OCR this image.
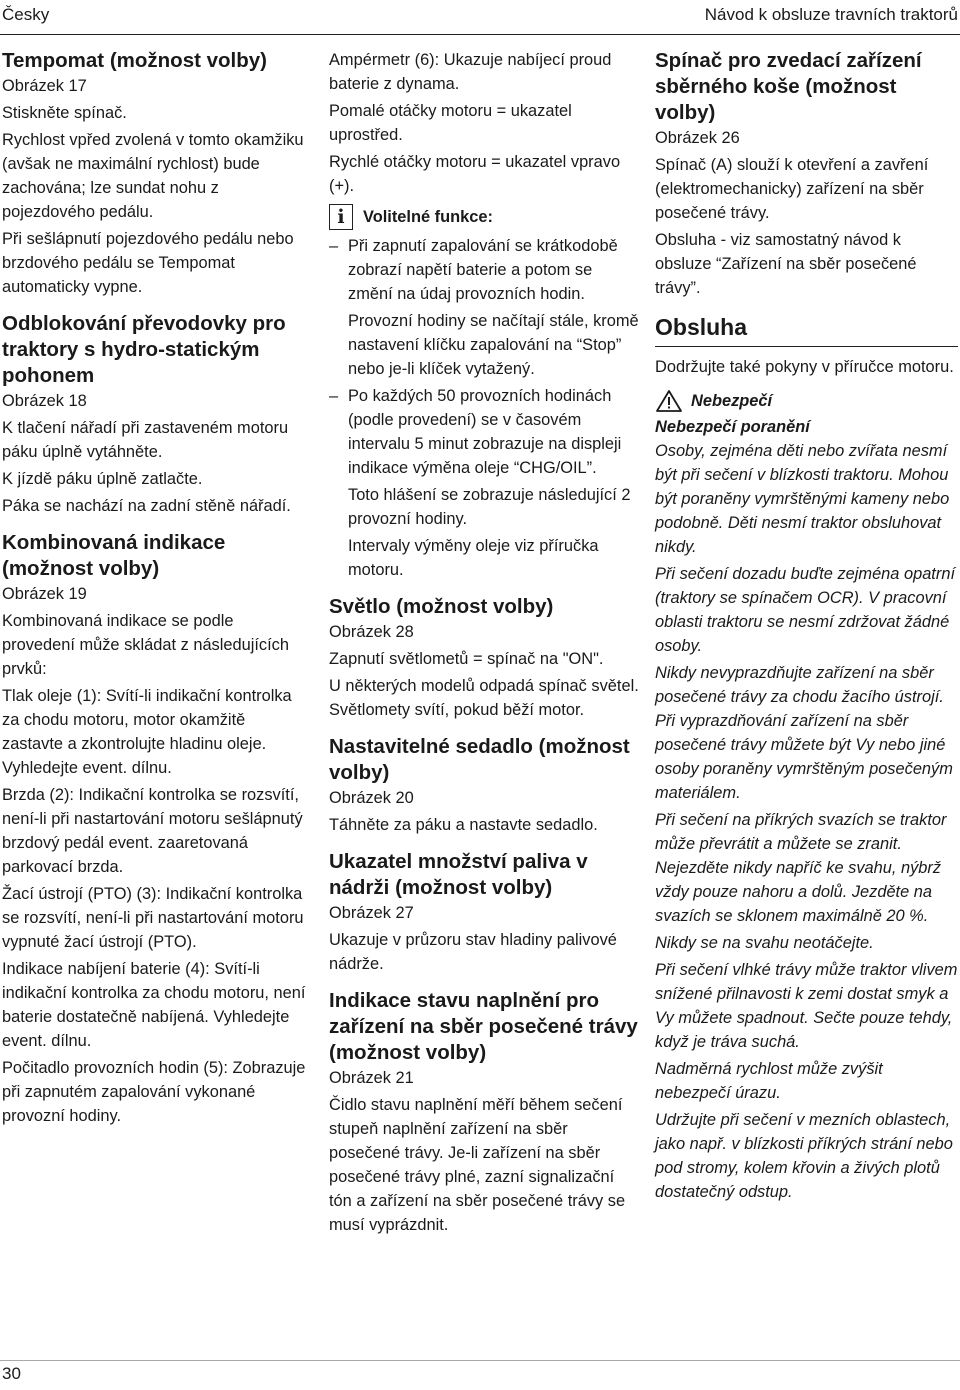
Česky	Návod k obsluze travních traktorů
Tempomat (možnost volby)

Obrázek 17

Stiskněte spínač.

Rychlost vpřed zvolená v tomto okamžiku (avšak ne maximální rychlost) bude zachována; lze sundat nohu z pojezdového pedálu.

Při sešlápnutí pojezdového pedálu nebo brzdového pedálu se Tempomat automaticky vypne.

Odblokování převodovky pro traktory s hydro-statickým pohonem

Obrázek 18

K tlačení nářadí při zastaveném motoru páku úplně vytáhněte.

K jízdě páku úplně zatlačte.

Páka se nachází na zadní stěně nářadí.

Kombinovaná indikace (možnost volby)

Obrázek 19

Kombinovaná indikace se podle provedení může skládat z následujících prvků:

Tlak oleje (1): Svítí-li indikační kontrolka za chodu motoru, motor okamžitě zastavte a zkontrolujte hladinu oleje. Vyhledejte event. dílnu.

Brzda (2): Indikační kontrolka se rozsvítí, není-li při nastartování motoru sešlápnutý brzdový pedál event. zaaretovaná parkovací brzda.

Žací ústrojí (PTO) (3): Indikační kontrolka se rozsvítí, není-li při nastartování motoru vypnuté žací ústrojí (PTO).

Indikace nabíjení baterie (4): Svítí-li indikační kontrolka za chodu motoru, není baterie dostatečně nabíjená. Vyhledejte event. dílnu.

Počitadlo provozních hodin (5): Zobrazuje při zapnutém zapalování vykonané provozní hodiny.

Ampérmetr (6): Ukazuje nabíjecí proud baterie z dynama.

Pomalé otáčky motoru = ukazatel uprostřed.

Rychlé otáčky motoru = ukazatel vpravo (+).

i	Volitelné funkce:

– Při zapnutí zapalování se krátkodobě zobrazí napětí baterie a potom se změní na údaj provozních hodin.

Provozní hodiny se načítají stále, kromě nastavení klíčku zapalování na “Stop” nebo je-li klíček vytažený.

– Po každých 50 provozních hodinách (podle provedení) se v časovém intervalu 5 minut zobrazuje na displeji indikace výměna oleje “CHG/OIL”.

Toto hlášení se zobrazuje následující 2 provozní hodiny.

Intervaly výměny oleje viz příručka motoru.

Světlo (možnost volby)

Obrázek 28

Zapnutí světlometů = spínač na "ON".

U některých modelů odpadá spínač světel. Světlomety svítí, pokud běží motor.

Nastavitelné sedadlo (možnost volby)

Obrázek 20

Táhněte za páku a nastavte sedadlo.

Ukazatel množství paliva v nádrži (možnost volby)

Obrázek 27

Ukazuje v průzoru stav hladiny palivové nádrže.

Indikace stavu naplnění pro zařízení na sběr posečené trávy (možnost volby)

Obrázek 21

Čidlo stavu naplnění měří během sečení stupeň naplnění zařízení na sběr posečené trávy. Je-li zařízení na sběr posečené trávy plné, zazní signalizační tón a zařízení na sběr posečené trávy se musí vyprázdnit.

Spínač pro zvedací zařízení sběrného koše (možnost volby)

Obrázek 26

Spínač (A) slouží k otevření a zavření (elektromechanicky) zařízení na sběr posečené trávy.

Obsluha - viz samostatný návod k obsluze “Zařízení na sběr posečené trávy”.

Obsluha

Dodržujte také pokyny v příručce motoru.

Nebezpečí

Nebezpečí poranění

Osoby, zejména děti nebo zvířata nesmí být při sečení v blízkosti traktoru. Mohou být poraněny vymrštěnými kameny nebo podobně. Děti nesmí traktor obsluhovat nikdy.

Při sečení dozadu buďte zejména opatrní (traktory se spínačem OCR). V pracovní oblasti traktoru se nesmí zdržovat žádné osoby.

Nikdy nevyprazdňujte zařízení na sběr posečené trávy za chodu žacího ústrojí. Při vyprazdňování zařízení na sběr posečené trávy můžete být Vy nebo jiné osoby poraněny vymrštěným posečeným materiálem.

Při sečení na příkrých svazích se traktor může převrátit a můžete se zranit. Nejezděte nikdy napříč ke svahu, nýbrž vždy pouze nahoru a dolů. Jezděte na svazích se sklonem maximálně 20 %.

Nikdy se na svahu neotáčejte.

Při sečení vlhké trávy může traktor vlivem snížené přilnavosti k zemi dostat smyk a Vy můžete spadnout. Sečte pouze tehdy, když je tráva suchá.

Nadměrná rychlost může zvýšit nebezpečí úrazu.

Udržujte při sečení v mezních oblastech, jako např. v blízkosti příkrých strání nebo pod stromy, kolem křovin a živých plotů dostatečný odstup.

30
